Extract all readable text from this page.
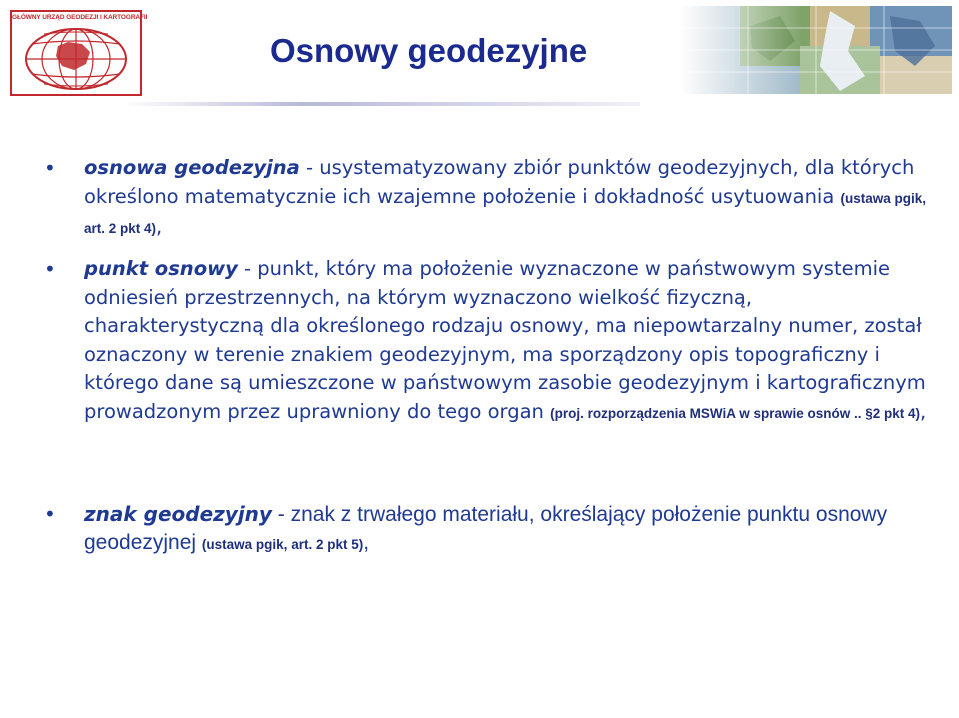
GŁÓWNY URZĄD GEODEZJI I KARTOGRAFII
Osnowy geodezyjne
• osnowa geodezyjna - usystematyzowany zbiór punktów geodezyjnych, dla których określono matematycznie ich wzajemne położenie i dokładność usytuowania (ustawa pgik, art. 2 pkt 4),
• punkt osnowy - punkt, który ma położenie wyznaczone w państwowym systemie odniesień przestrzennych, na którym wyznaczono wielkość fizyczną, charakterystyczną dla określonego rodzaju osnowy, ma niepowtarzalny numer, został oznaczony w terenie znakiem geodezyjnym, ma sporządzony opis topograficzny i którego dane są umieszczone w państwowym zasobie geodezyjnym i kartograficznym prowadzonym przez uprawniony do tego organ (proj. rozporządzenia MSWiA w sprawie osnów .. §2 pkt 4),
• znak geodezyjny - znak z trwałego materiału, określający położenie punktu osnowy geodezyjnej (ustawa pgik, art. 2 pkt 5),
